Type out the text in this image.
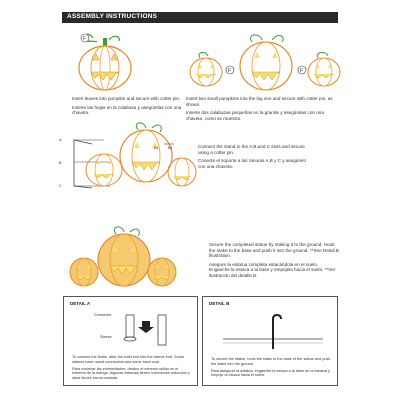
ASSEMBLY INSTRUCTIONS
F

Insert leaves into pumpkin and secure with cotter pin.

Inserte las hojas en la calabaza y asegúrelas con una chaveta.

F	F

Insert two small pumpkins into the big one and secure with cotter pin, as shown.

Inserte dos calabazas pequeñas en la grande y asegúrelas con una chaveta, como se muestra.

A
B
C
A1 B1	Connect the stand to the A,B,and C slots and secure using a cotter pin.

Conecte el soporte a las ranuras A,B y C y asegúrelo con una chaveta.

Secure the completed statue by staking it to the ground. Hook the stake to the base and push it into the ground. **See Detail B Illustration.

Asegure la estatua completa estacándola en el suelo. Enganche la estaca a la base y empújela hacia el suelo. **Ver ilustración del detalle B.

DETAIL A
Connector
Sleeve
To connect the limbs, slide the solid end into the sleeve end. Some statues have round connectors and some have oval.
Para conectar las extremidades, deslice el extremo sólido en el extremo de la manga. Algunas estatuas tienen conectores redondos y otras tienen forma ovalada.
DETAIL B
To secure the statue, hook the stake to the base of the statue and push the stake into the ground.
Para asegurar la estatua, enganche la estaca a la base de la estatua y empuje la estaca hacia el suelo.
